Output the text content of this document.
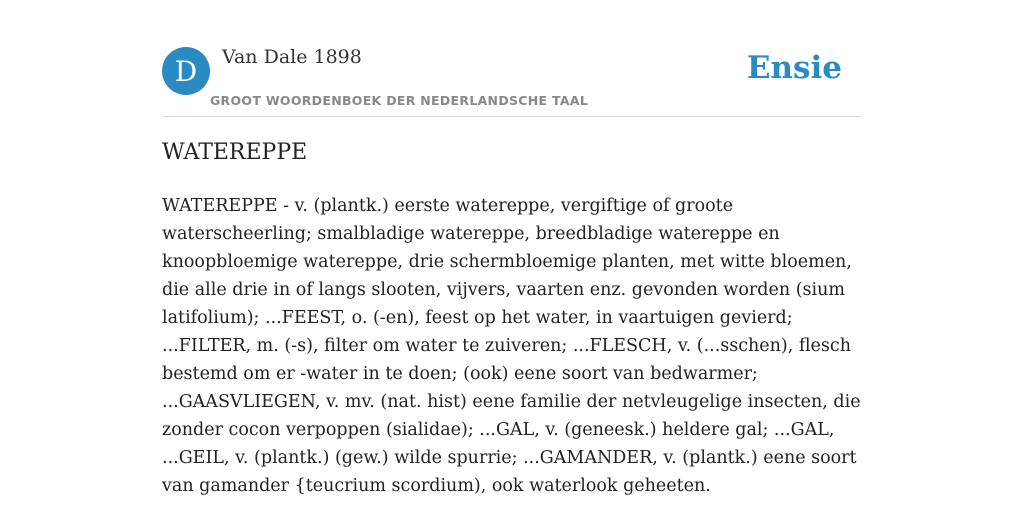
D	Van Dale 1898
GROOT WOORDENBOEK DER NEDERLANDSCHE TAAL
Ensie
WATEREPPE

WATEREPPE - v. (plantk.) eerste watereppe, vergiftige of groote waterscheerling; smalbladige watereppe, breedbladige watereppe en knoopbloemige watereppe, drie schermbloemige planten, met witte bloemen, die alle drie in of langs slooten, vijvers, vaarten enz. gevonden worden (sium latifolium); ...FEEST, o. (-en), feest op het water, in vaartuigen gevierd; ...FILTER, m. (-s), filter om water te zuiveren; ...FLESCH, v. (...sschen), flesch bestemd om er -water in te doen; (ook) eene soort van bedwarmer; ...GAASVLIEGEN, v. mv. (nat. hist) eene familie der netvleugelige insecten, die zonder cocon verpoppen (sialidae); ...GAL, v. (geneesk.) heldere gal; ...GAL, ...GEIL, v. (plantk.) (gew.) wilde spurrie; ...GAMANDER, v. (plantk.) eene soort van gamander {teucrium scordium), ook waterlook geheeten.
